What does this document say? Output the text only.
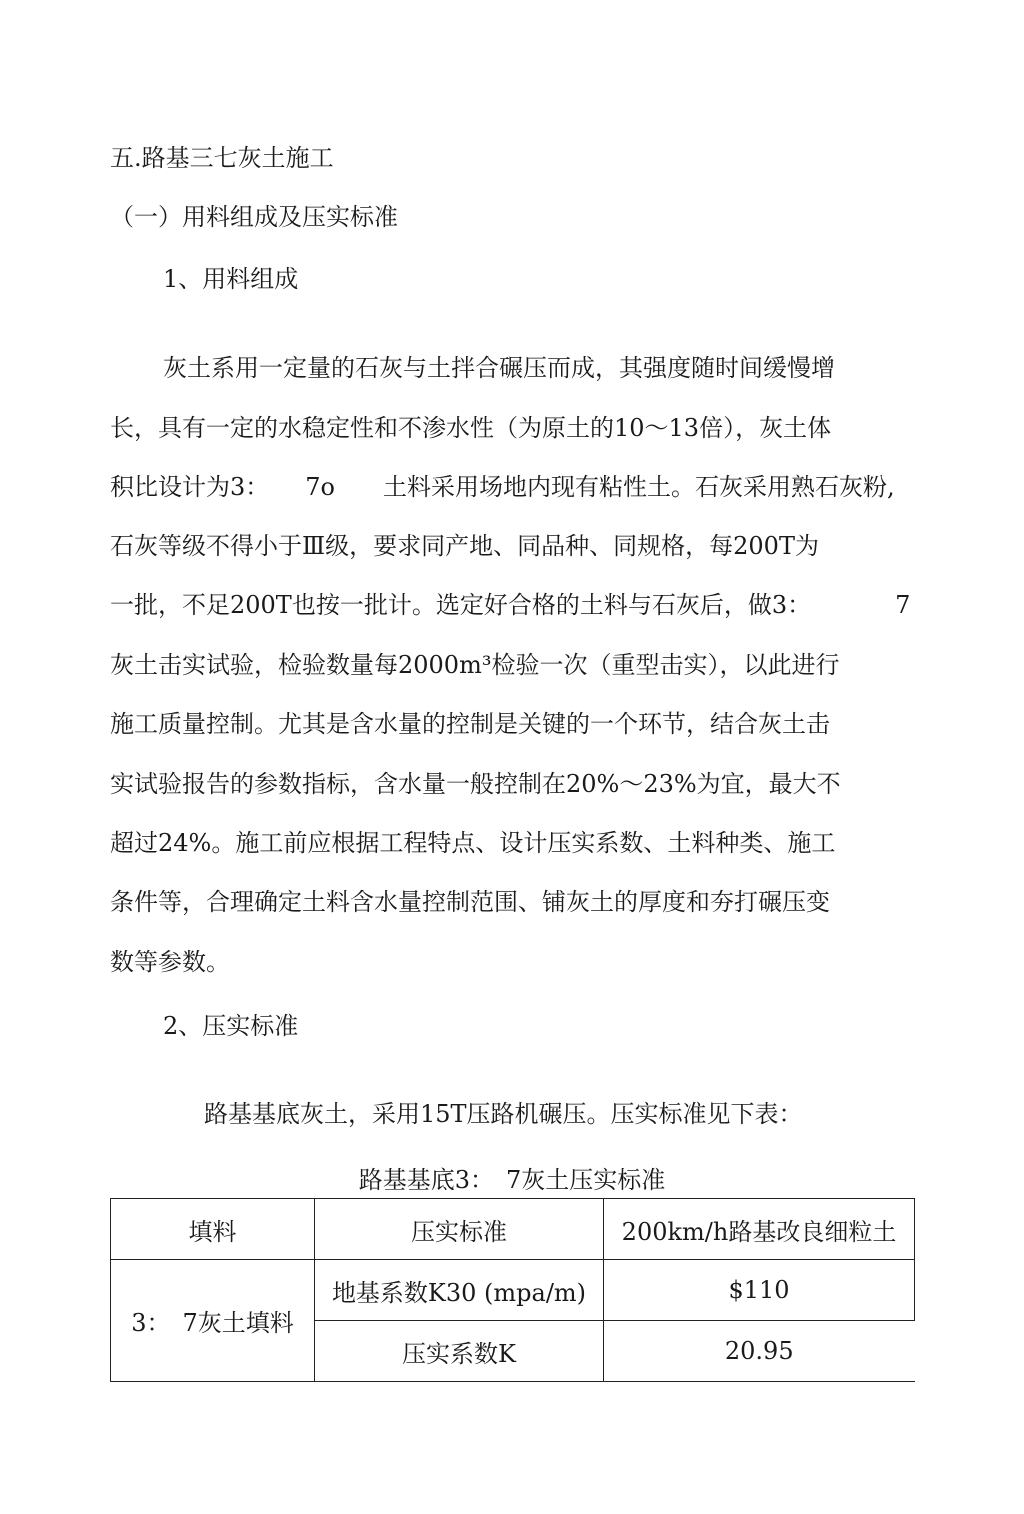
五.路基三七灰土施工
（一）用料组成及压实标准
1、用料组成
灰土系用一定量的石灰与土拌合碾压而成，其强度随时间缓慢增
长，具有一定的水稳定性和不渗水性（为原土的10～13倍），灰土体
积比设计为3：　　7o　　土料采用场地内现有粘性土。石灰采用熟石灰粉,
石灰等级不得小于Ⅲ级，要求同产地、同品种、同规格，每200T为
一批，不足200T也按一批计。选定好合格的土料与石灰后，做3：　　　　7
灰土击实试验，检验数量每2000m³检验一次（重型击实），以此进行
施工质量控制。尤其是含水量的控制是关键的一个环节，结合灰土击
实试验报告的参数指标，含水量一般控制在20%～23%为宜，最大不
超过24%。施工前应根据工程特点、设计压实系数、土料种类、施工
条件等，合理确定土料含水量控制范围、铺灰土的厚度和夯打碾压变
数等参数。
2、压实标准
路基基底灰土，采用15T压路机碾压。压实标准见下表：
路基基底3：　7灰土压实标准
填料	压实标准	200km/h路基改良细粒土
3：　7灰土填料	地基系数K30 (mpa/m)	$110
	压实系数K	20.95
